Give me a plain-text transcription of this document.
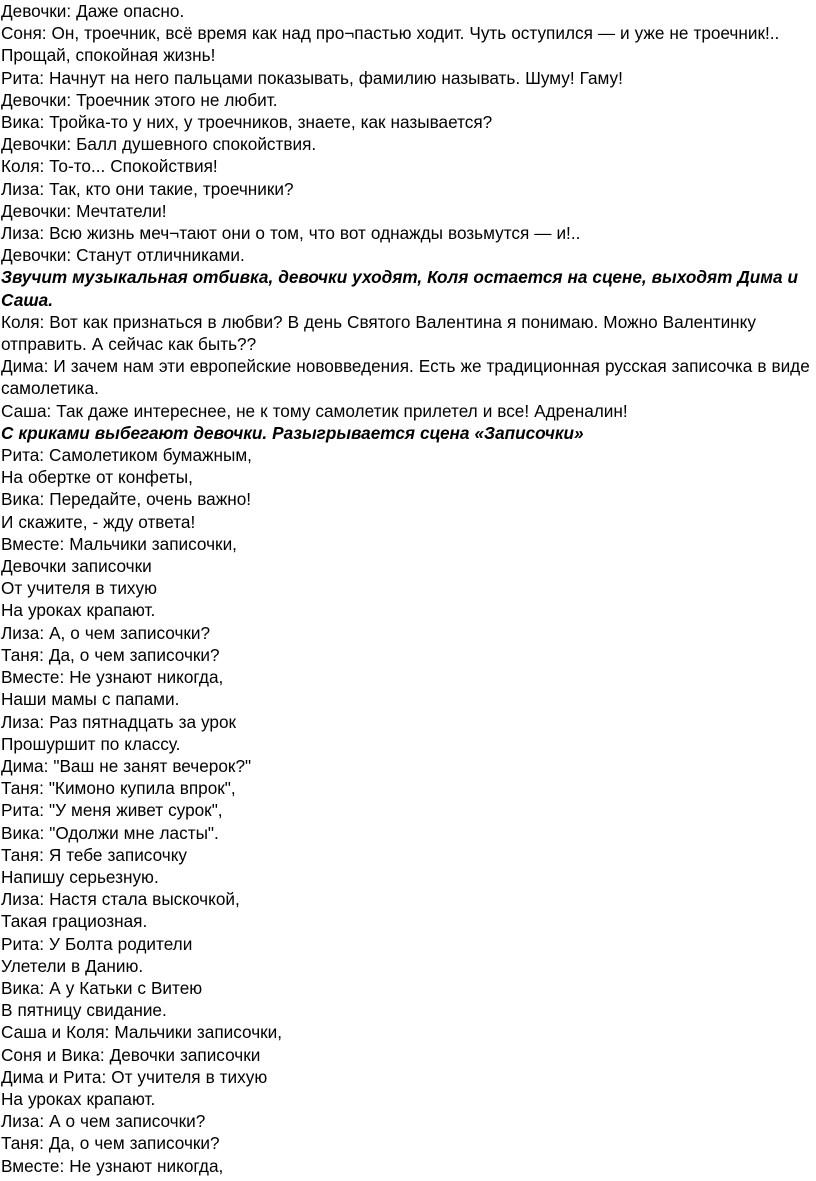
Девочки: Даже опасно.

Соня: Он, троечник, всё время как над про¬пастью ходит. Чуть оступился — и уже не троечник!.. Прощай, спокойная жизнь!

Рита: Начнут на него пальцами показывать, фамилию называть. Шуму! Гаму!

Девочки: Троечник этого не любит.

Вика: Тройка-то у них, у троечников, знаете, как называется?

Девочки: Балл душевного спокойствия.

Коля: То-то... Спокойствия!

Лиза: Так, кто они такие, троечники?

Девочки: Мечтатели!

Лиза: Всю жизнь меч¬тают они о том, что вот однажды возьмутся — и!..

Девочки: Станут отличниками.

Звучит музыкальная отбивка, девочки уходят, Коля остается на сцене, выходят Дима и Саша.

Коля: Вот как признаться в любви? В день Святого Валентина я понимаю. Можно Валентинку отправить. А сейчас как быть??

Дима: И зачем нам эти европейские нововведения. Есть же традиционная русская записочка в виде самолетика.

Саша: Так даже интереснее, не к тому самолетик прилетел и все! Адреналин!

С криками выбегают девочки. Разыгрывается сцена «Записочки»

Рита: Самолетиком бумажным,

На обертке от конфеты,

Вика: Передайте, очень важно!

И скажите, - жду ответа!

Вместе: Мальчики записочки,

Девочки записочки

От учителя в тихую

На уроках крапают.

Лиза: А, о чем записочки?

Таня: Да, о чем записочки?

Вместе: Не узнают никогда,

Наши мамы с папами.

Лиза: Раз пятнадцать за урок

Прошуршит по классу.

Дима: "Ваш не занят вечерок?"

Таня: "Кимоно купила впрок",

Рита: "У меня живет сурок",

Вика: "Одолжи мне ласты".

Таня: Я тебе записочку

Напишу серьезную.

Лиза: Настя стала выскочкой,

Такая грациозная.

Рита: У Болта родители

Улетели в Данию.

Вика: А у Катьки с Витею

В пятницу свидание.

Саша и Коля: Мальчики записочки,

Соня и Вика: Девочки записочки

Дима и Рита: От учителя в тихую

На уроках крапают.

Лиза: А о чем записочки?

Таня: Да, о чем записочки?

Вместе: Не узнают никогда,
